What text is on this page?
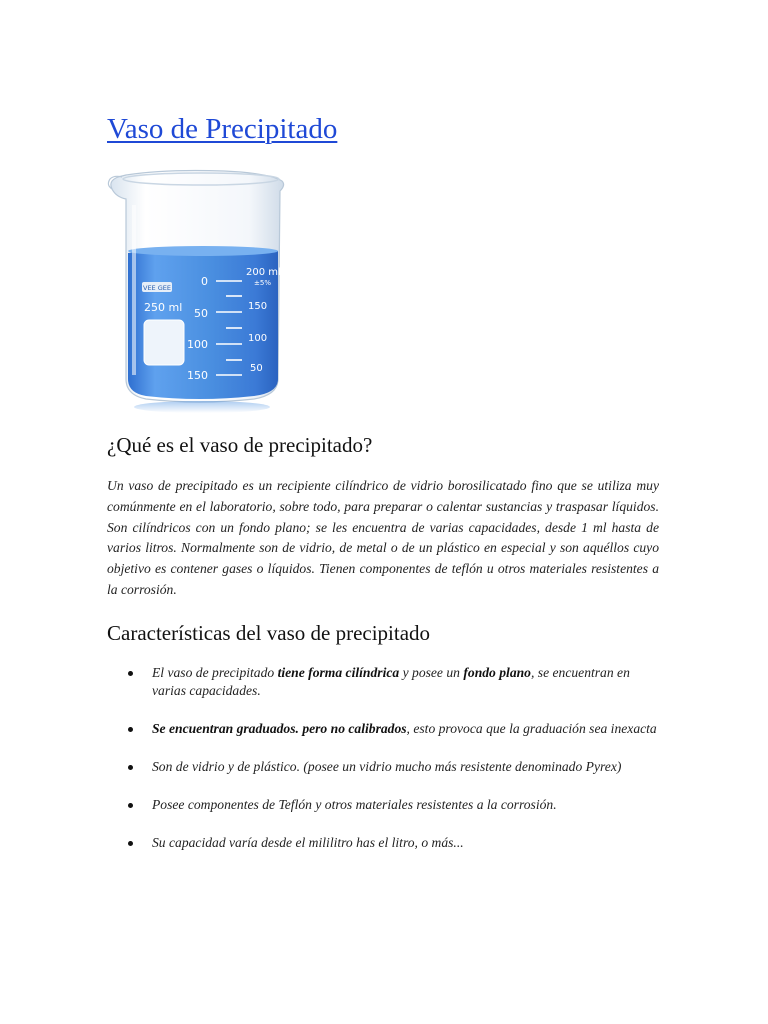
Vaso de Precipitado
VEE GEE
250 ml
0
50
100
150
200 ml
±5%
150
100
50
¿Qué es el vaso de precipitado?

Un vaso de precipitado es un recipiente cilíndrico de vidrio borosilicatado fino que se utiliza muy comúnmente en el laboratorio, sobre todo, para preparar o calentar sustancias y traspasar líquidos. Son cilíndricos con un fondo plano; se les encuentra de varias capacidades, desde 1 ml hasta de varios litros. Normalmente son de vidrio, de metal o de un plástico en especial y son aquéllos cuyo objetivo es contener gases o líquidos. Tienen componentes de teflón u otros materiales resistentes a la corrosión.

Características del vaso de precipitado
El vaso de precipitado tiene forma cilíndrica y posee un fondo plano, se encuentran en varias capacidades.
Se encuentran graduados. pero no calibrados, esto provoca que la graduación sea inexacta
Son de vidrio y de plástico. (posee un vidrio mucho más resistente denominado Pyrex)
Posee componentes de Teflón y otros materiales resistentes a la corrosión.
Su capacidad varía desde el mililitro has el litro, o más...
